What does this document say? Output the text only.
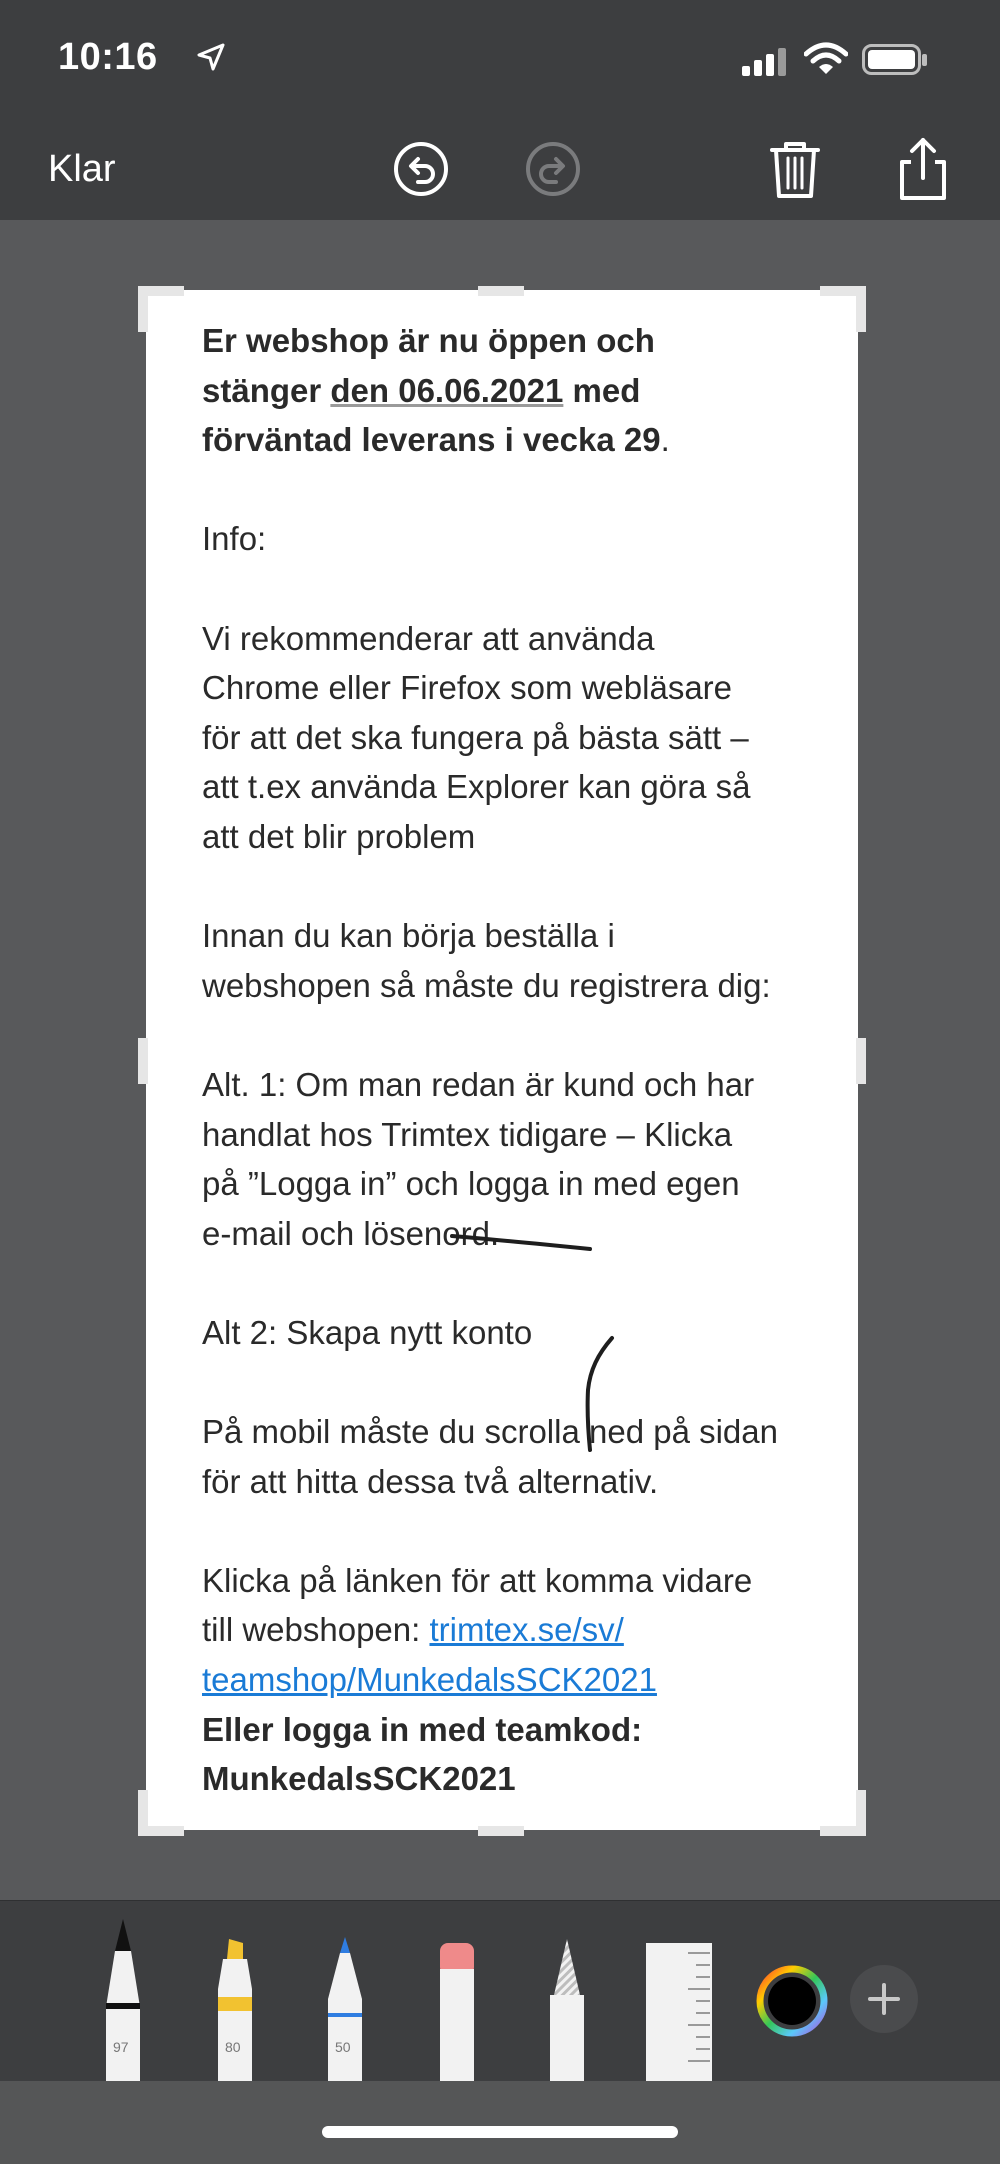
10:16
Klar

Er webshop är nu öppen och

stänger den 06.06.2021 med

förväntad leverans i vecka 29.

Info:

Vi rekommenderar att använda

Chrome eller Firefox som webläsare

för att det ska fungera på bästa sätt –

att t.ex använda Explorer kan göra så

att det blir problem

Innan du kan börja beställa i

webshopen så måste du registrera dig:

Alt. 1: Om man redan är kund och har

handlat hos Trimtex tidigare – Klicka

på ”Logga in” och logga in med egen

e-mail och lösenord.

Alt 2: Skapa nytt konto

På mobil måste du scrolla ned på sidan

för att hitta dessa två alternativ.

Klicka på länken för att komma vidare

till webshopen: trimtex.se/sv/

teamshop/MunkedalsSCK2021

Eller logga in med teamkod:

MunkedalsSCK2021

97	80	50
